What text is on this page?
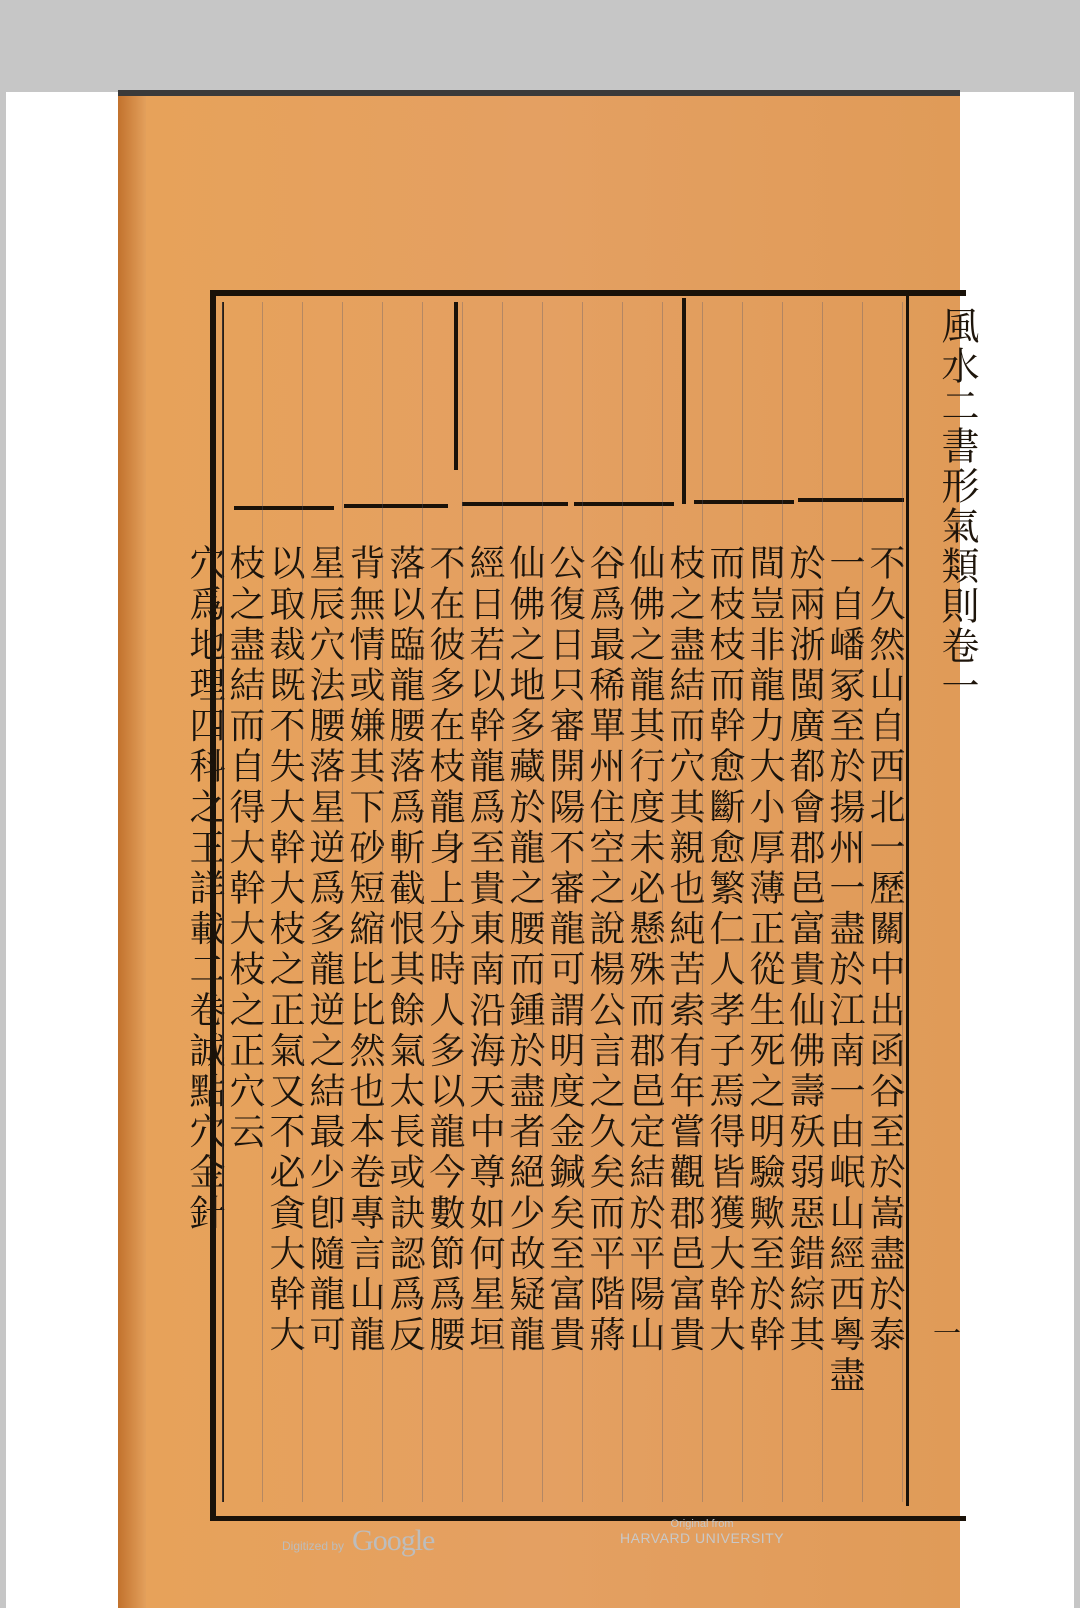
風水二書形氣類則卷一
一
不久然山自西北一歷關中出函谷至於嵩盡於泰
一自嶓冢至於揚州一盡於江南一由岷山經西粵盡
於兩浙閩廣都會郡邑富貴仙佛壽殀弱惡錯綜其
間豈非龍力大小厚薄正從生死之明驗歟至於幹
而枝枝而幹愈斷愈繁仁人孝子焉得皆獲大幹大
枝之盡結而穴其親也純苦索有年嘗觀郡邑富貴
仙佛之龍其行度未必懸殊而郡邑定結於平陽山
谷爲最稀單州住空之說楊公言之久矣而平階蔣
公復日只審開陽不審龍可謂明度金鍼矣至富貴
仙佛之地多藏於龍之腰而鍾於盡者絕少故疑龍
經日若以幹龍爲至貴東南沿海天中尊如何星垣
不在彼多在枝龍身上分時人多以龍今數節爲腰
落以臨龍腰落爲斬截恨其餘氣太長或訣認爲反
背無情或嫌其下砂短縮比比然也本卷專言山龍
星辰穴法腰落星逆爲多龍逆之結最少卽隨龍可
以取裁既不失大幹大枝之正氣又不必貪大幹大
枝之盡結而自得大幹大枝之正穴云
穴爲地理四科之王詳載二卷誠點穴金針
Digitized by Google	Original from
HARVARD UNIVERSITY
